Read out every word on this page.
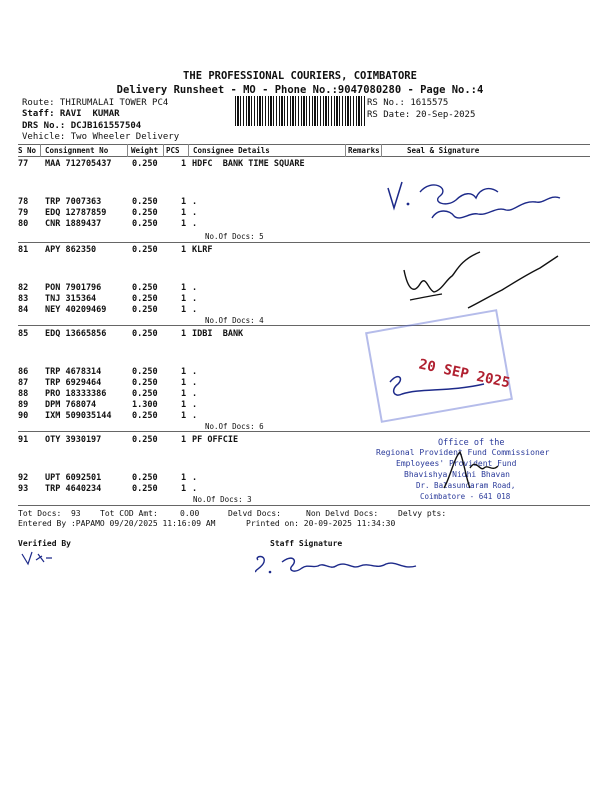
THE PROFESSIONAL COURIERS, COIMBATORE
Delivery Runsheet - MO - Phone No.:9047080280 - Page No.:4
Route: THIRUMALAI TOWER PC4
Staff: RAVI  KUMAR
DRS No.: DCJB161557504
Vehicle: Two Wheeler Delivery
RS No.: 1615575
RS Date: 20-Sep-2025
S No Consignment No	Weight PCS Consignee Details	Remarks	Seal & Signature
77 MAA 712705437 0.250	1 HDFC  BANK TIME SQUARE
78 TRP 7007363	0.250	1 .
79 EDQ 12787859	0.250	1 .
80 CNR 1889437	0.250	1 .
No.Of Docs: 5
81 APY 862350	0.250	1 KLRF
82 PON 7901796	0.250	1 .
83 TNJ 315364	0.250	1 .
84 NEY 40209469	0.250	1 .
No.Of Docs: 4
85 EDQ 13665856	0.250	1 IDBI  BANK
86 TRP 4678314	0.250	1 .
87 TRP 6929464	0.250	1 .
88 PRO 18333386	0.250	1 .
89 DPM 768074	1.300	1 .
90 IXM 509035144 0.250	1 .
No.Of Docs: 6
91 OTY 3930197	0.250	1 PF OFFCIE
92 UPT 6092501	0.250	1 .
93 TRP 4640234	0.250	1 .
No.Of Docs: 3
Tot Docs:  93 Tot COD Amt:	0.00	Delvd Docs:	Non Delvd Docs: Delvy pts:
Entered By :PAPAMO 09/20/2025 11:16:09 AM	Printed on: 20-09-2025 11:34:30
Verified By	Staff Signature
20 SEP 2025
Office of the
Regional Provident Fund Commissioner
Employees' Provident Fund
Bhavishya Nidhi Bhavan
Dr. Balasundaram Road,
Coimbatore - 641 018
